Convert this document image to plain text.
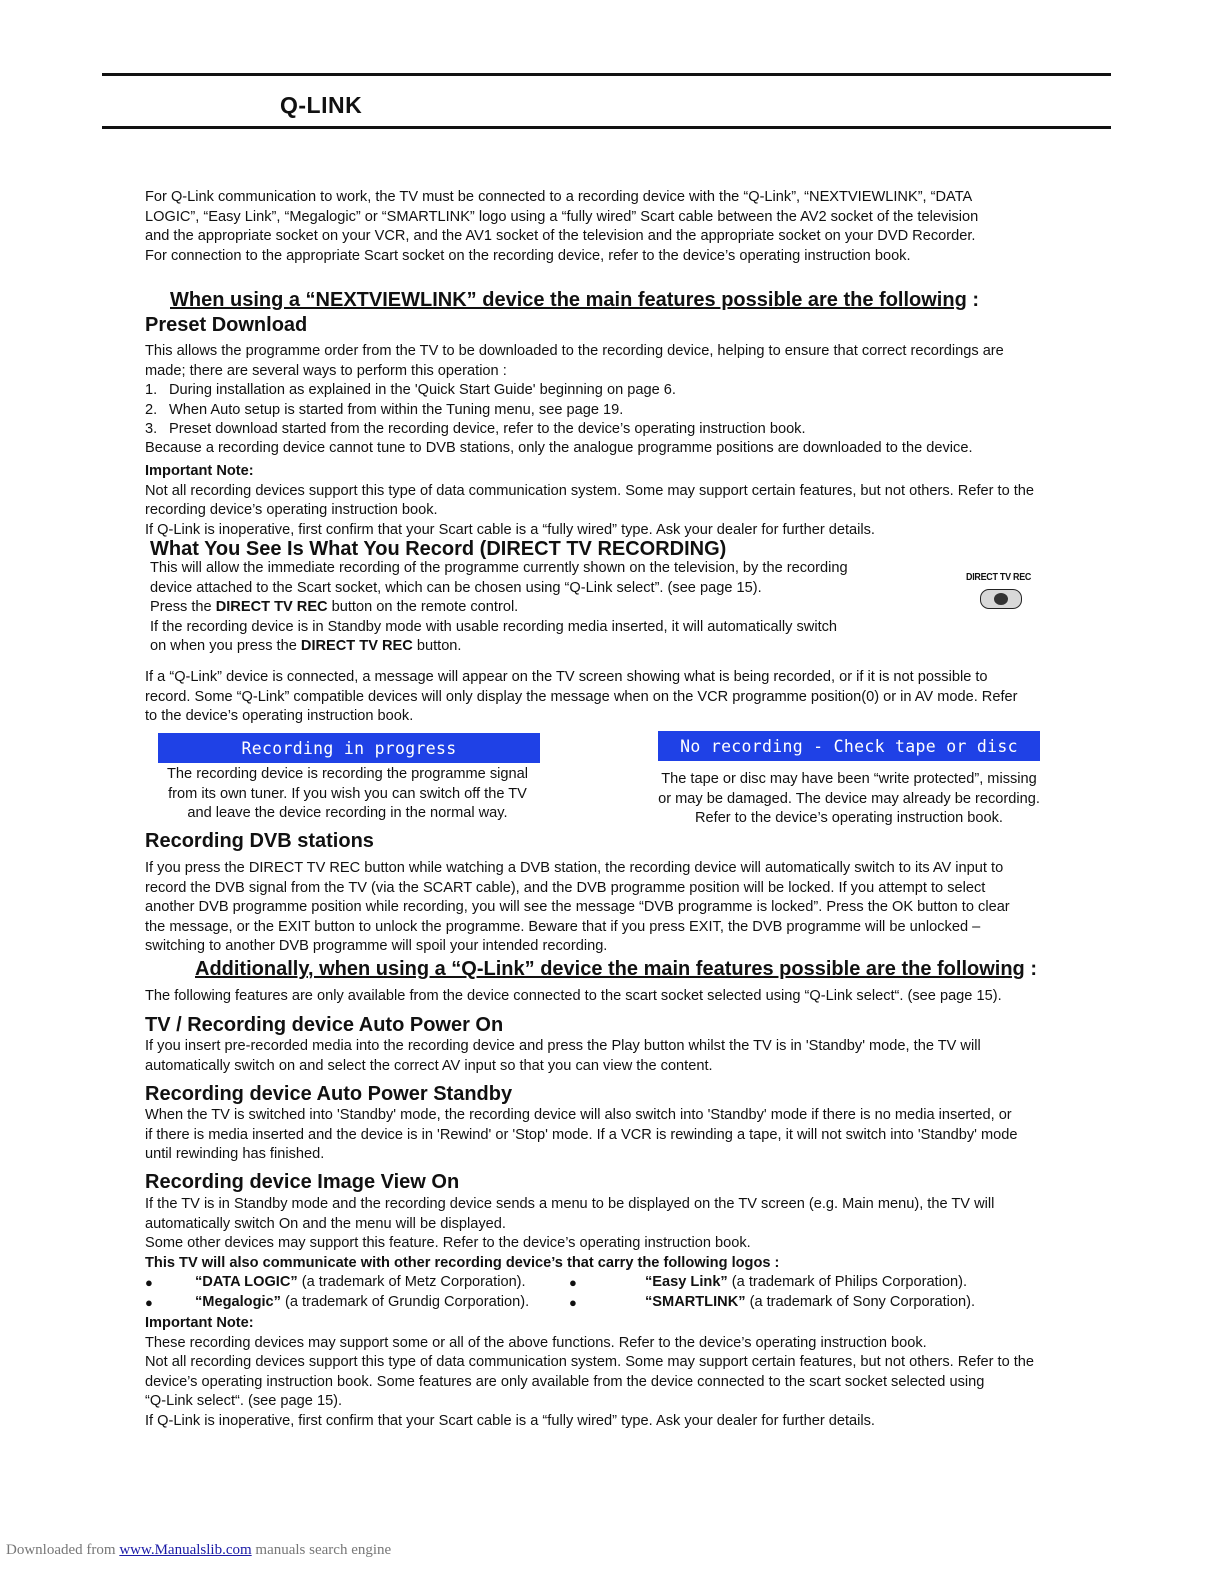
Q-LINK
For Q-Link communication to work, the TV must be connected to a recording device with the “Q-Link”, “NEXTVIEWLINK”, “DATA
LOGIC”, “Easy Link”, “Megalogic” or “SMARTLINK” logo using a “fully wired” Scart cable between the AV2 socket of the television
and the appropriate socket on your VCR, and the AV1 socket of the television and the appropriate socket on your DVD Recorder.
For connection to the appropriate Scart socket on the recording device, refer to the device’s operating instruction book.
When using a “NEXTVIEWLINK” device the main features possible are the following :
Preset Download
This allows the programme order from the TV to be downloaded to the recording device, helping to ensure that correct recordings are
made; there are several ways to perform this operation :
1. During installation as explained in the 'Quick Start Guide' beginning on page 6.
2. When Auto setup is started from within the Tuning menu, see page 19.
3. Preset download started from the recording device, refer to the device’s operating instruction book.
Because a recording device cannot tune to DVB stations, only the analogue programme positions are downloaded to the device.
Important Note:
Not all recording devices support this type of data communication system. Some may support certain features, but not others. Refer to the
recording device’s operating instruction book.
If Q-Link is inoperative, first confirm that your Scart cable is a “fully wired” type. Ask your dealer for further details.
What You See Is What You Record (DIRECT TV RECORDING)
This will allow the immediate recording of the programme currently shown on the television, by the recording
device attached to the Scart socket, which can be chosen using “Q-Link select”. (see page 15).
Press the DIRECT TV REC button on the remote control.
If the recording device is in Standby mode with usable recording media inserted, it will automatically switch
on when you press the DIRECT TV REC button.
DIRECT TV REC
If a “Q-Link” device is connected, a message will appear on the TV screen showing what is being recorded, or if it is not possible to
record. Some “Q-Link” compatible devices will only display the message when on the VCR programme position(0) or in AV mode. Refer
to the device’s operating instruction book.
Recording in progress	No recording - Check tape or disc
The recording device is recording the programme signal
from its own tuner. If you wish you can switch off the TV
and leave the device recording in the normal way.
The tape or disc may have been “write protected”, missing
or may be damaged. The device may already be recording.
Refer to the device’s operating instruction book.
Recording DVB stations
If you press the DIRECT TV REC button while watching a DVB station, the recording device will automatically switch to its AV input to
record the DVB signal from the TV (via the SCART cable), and the DVB programme position will be locked. If you attempt to select
another DVB programme position while recording, you will see the message “DVB programme is locked”. Press the OK button to clear
the message, or the EXIT button to unlock the programme. Beware that if you press EXIT, the DVB programme will be unlocked –
switching to another DVB programme will spoil your intended recording.
Additionally, when using a “Q-Link” device the main features possible are the following :
The following features are only available from the device connected to the scart socket selected using “Q-Link select“. (see page 15).
TV / Recording device Auto Power On
If you insert pre-recorded media into the recording device and press the Play button whilst the TV is in 'Standby' mode, the TV will
automatically switch on and select the correct AV input so that you can view the content.
Recording device Auto Power Standby
When the TV is switched into 'Standby' mode, the recording device will also switch into 'Standby' mode if there is no media inserted, or
if there is media inserted and the device is in 'Rewind' or 'Stop' mode. If a VCR is rewinding a tape, it will not switch into 'Standby' mode
until rewinding has finished.
Recording device Image View On
If the TV is in Standby mode and the recording device sends a menu to be displayed on the TV screen (e.g. Main menu), the TV will
automatically switch On and the menu will be displayed.
Some other devices may support this feature. Refer to the device’s operating instruction book.
This TV will also communicate with other recording device’s that carry the following logos :
●	“DATA LOGIC” (a trademark of Metz Corporation).	●	“Easy Link” (a trademark of Philips Corporation).
●	“Megalogic” (a trademark of Grundig Corporation).	●	“SMARTLINK” (a trademark of Sony Corporation).
Important Note:
These recording devices may support some or all of the above functions. Refer to the device’s operating instruction book.
Not all recording devices support this type of data communication system. Some may support certain features, but not others. Refer to the
device’s operating instruction book. Some features are only available from the device connected to the scart socket selected using
“Q-Link select“. (see page 15).
If Q-Link is inoperative, first confirm that your Scart cable is a “fully wired” type. Ask your dealer for further details.
Downloaded from www.Manualslib.com manuals search engine
